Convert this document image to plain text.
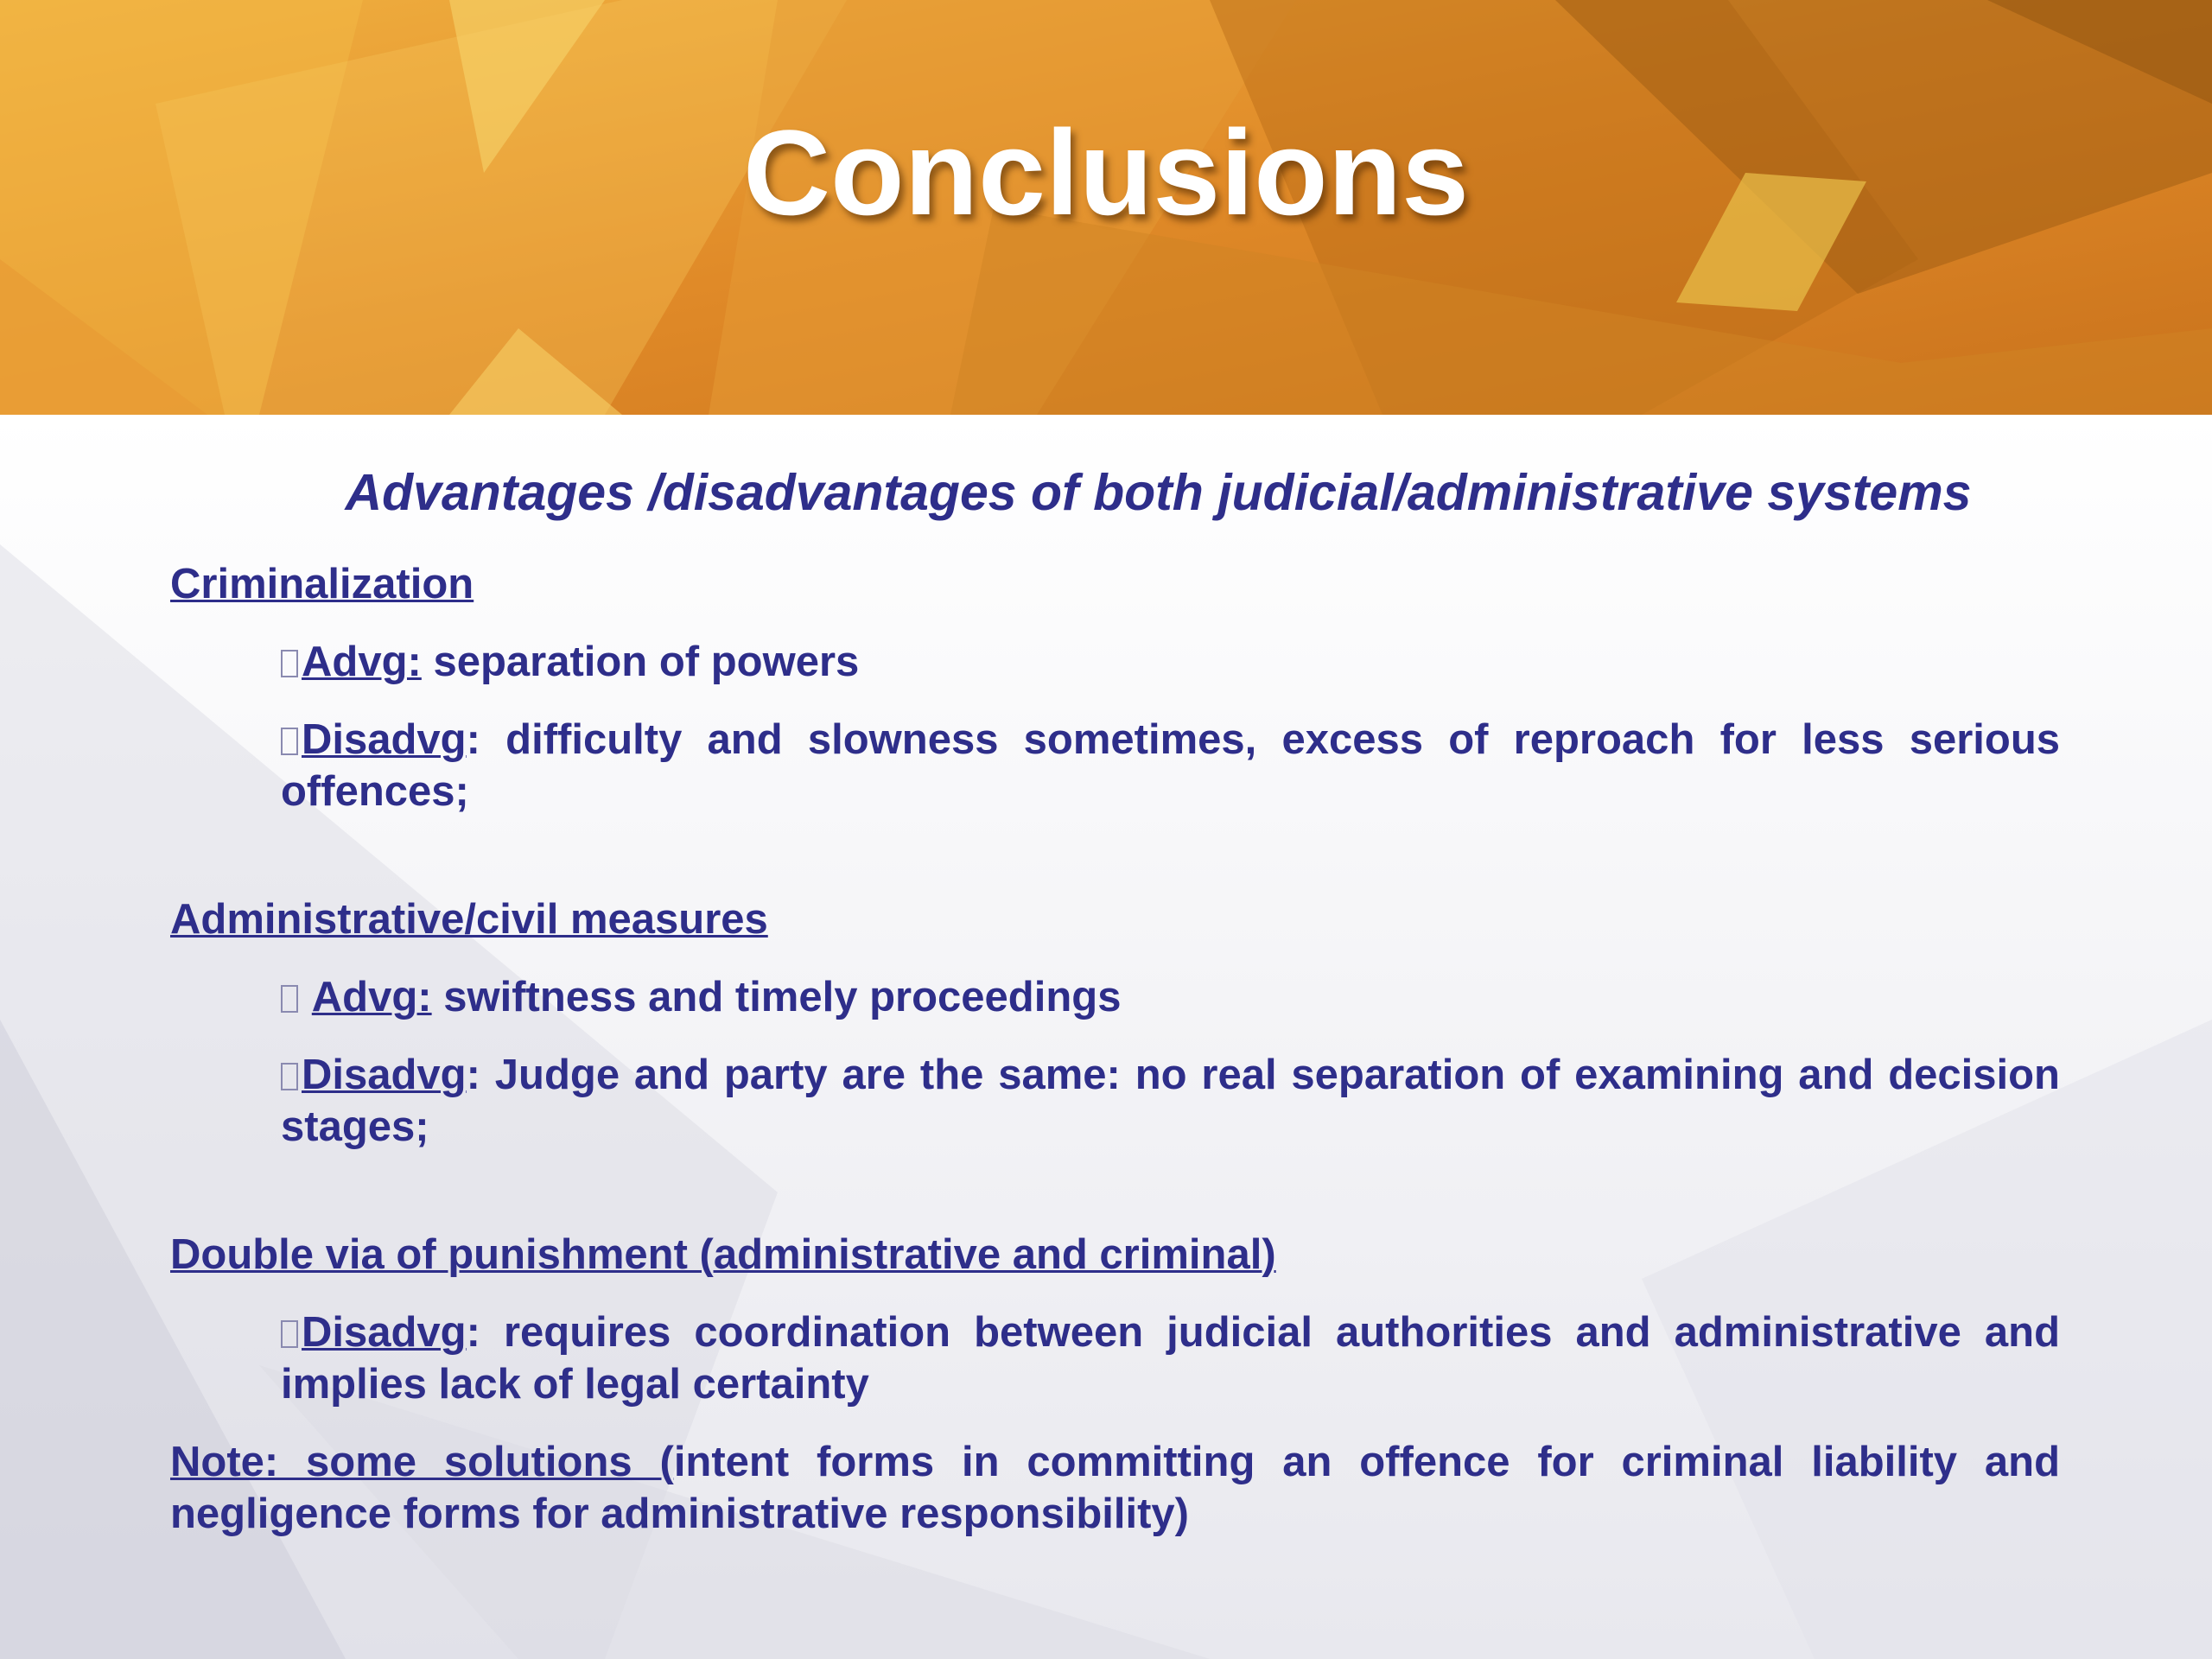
Conclusions
Advantages /disadvantages of both judicial/administrative systems
Criminalization
Advg: separation of powers
Disadvg: difficulty and slowness sometimes, excess of reproach for less serious offences;
Administrative/civil measures
Advg: swiftness and timely proceedings
Disadvg: Judge and party are the same: no real separation of examining and decision stages;
Double via of punishment (administrative and criminal)
Disadvg: requires coordination between judicial authorities and administrative and implies lack of legal certainty
Note: some solutions (intent forms in committing an offence for criminal liability and negligence forms for administrative responsibility)
